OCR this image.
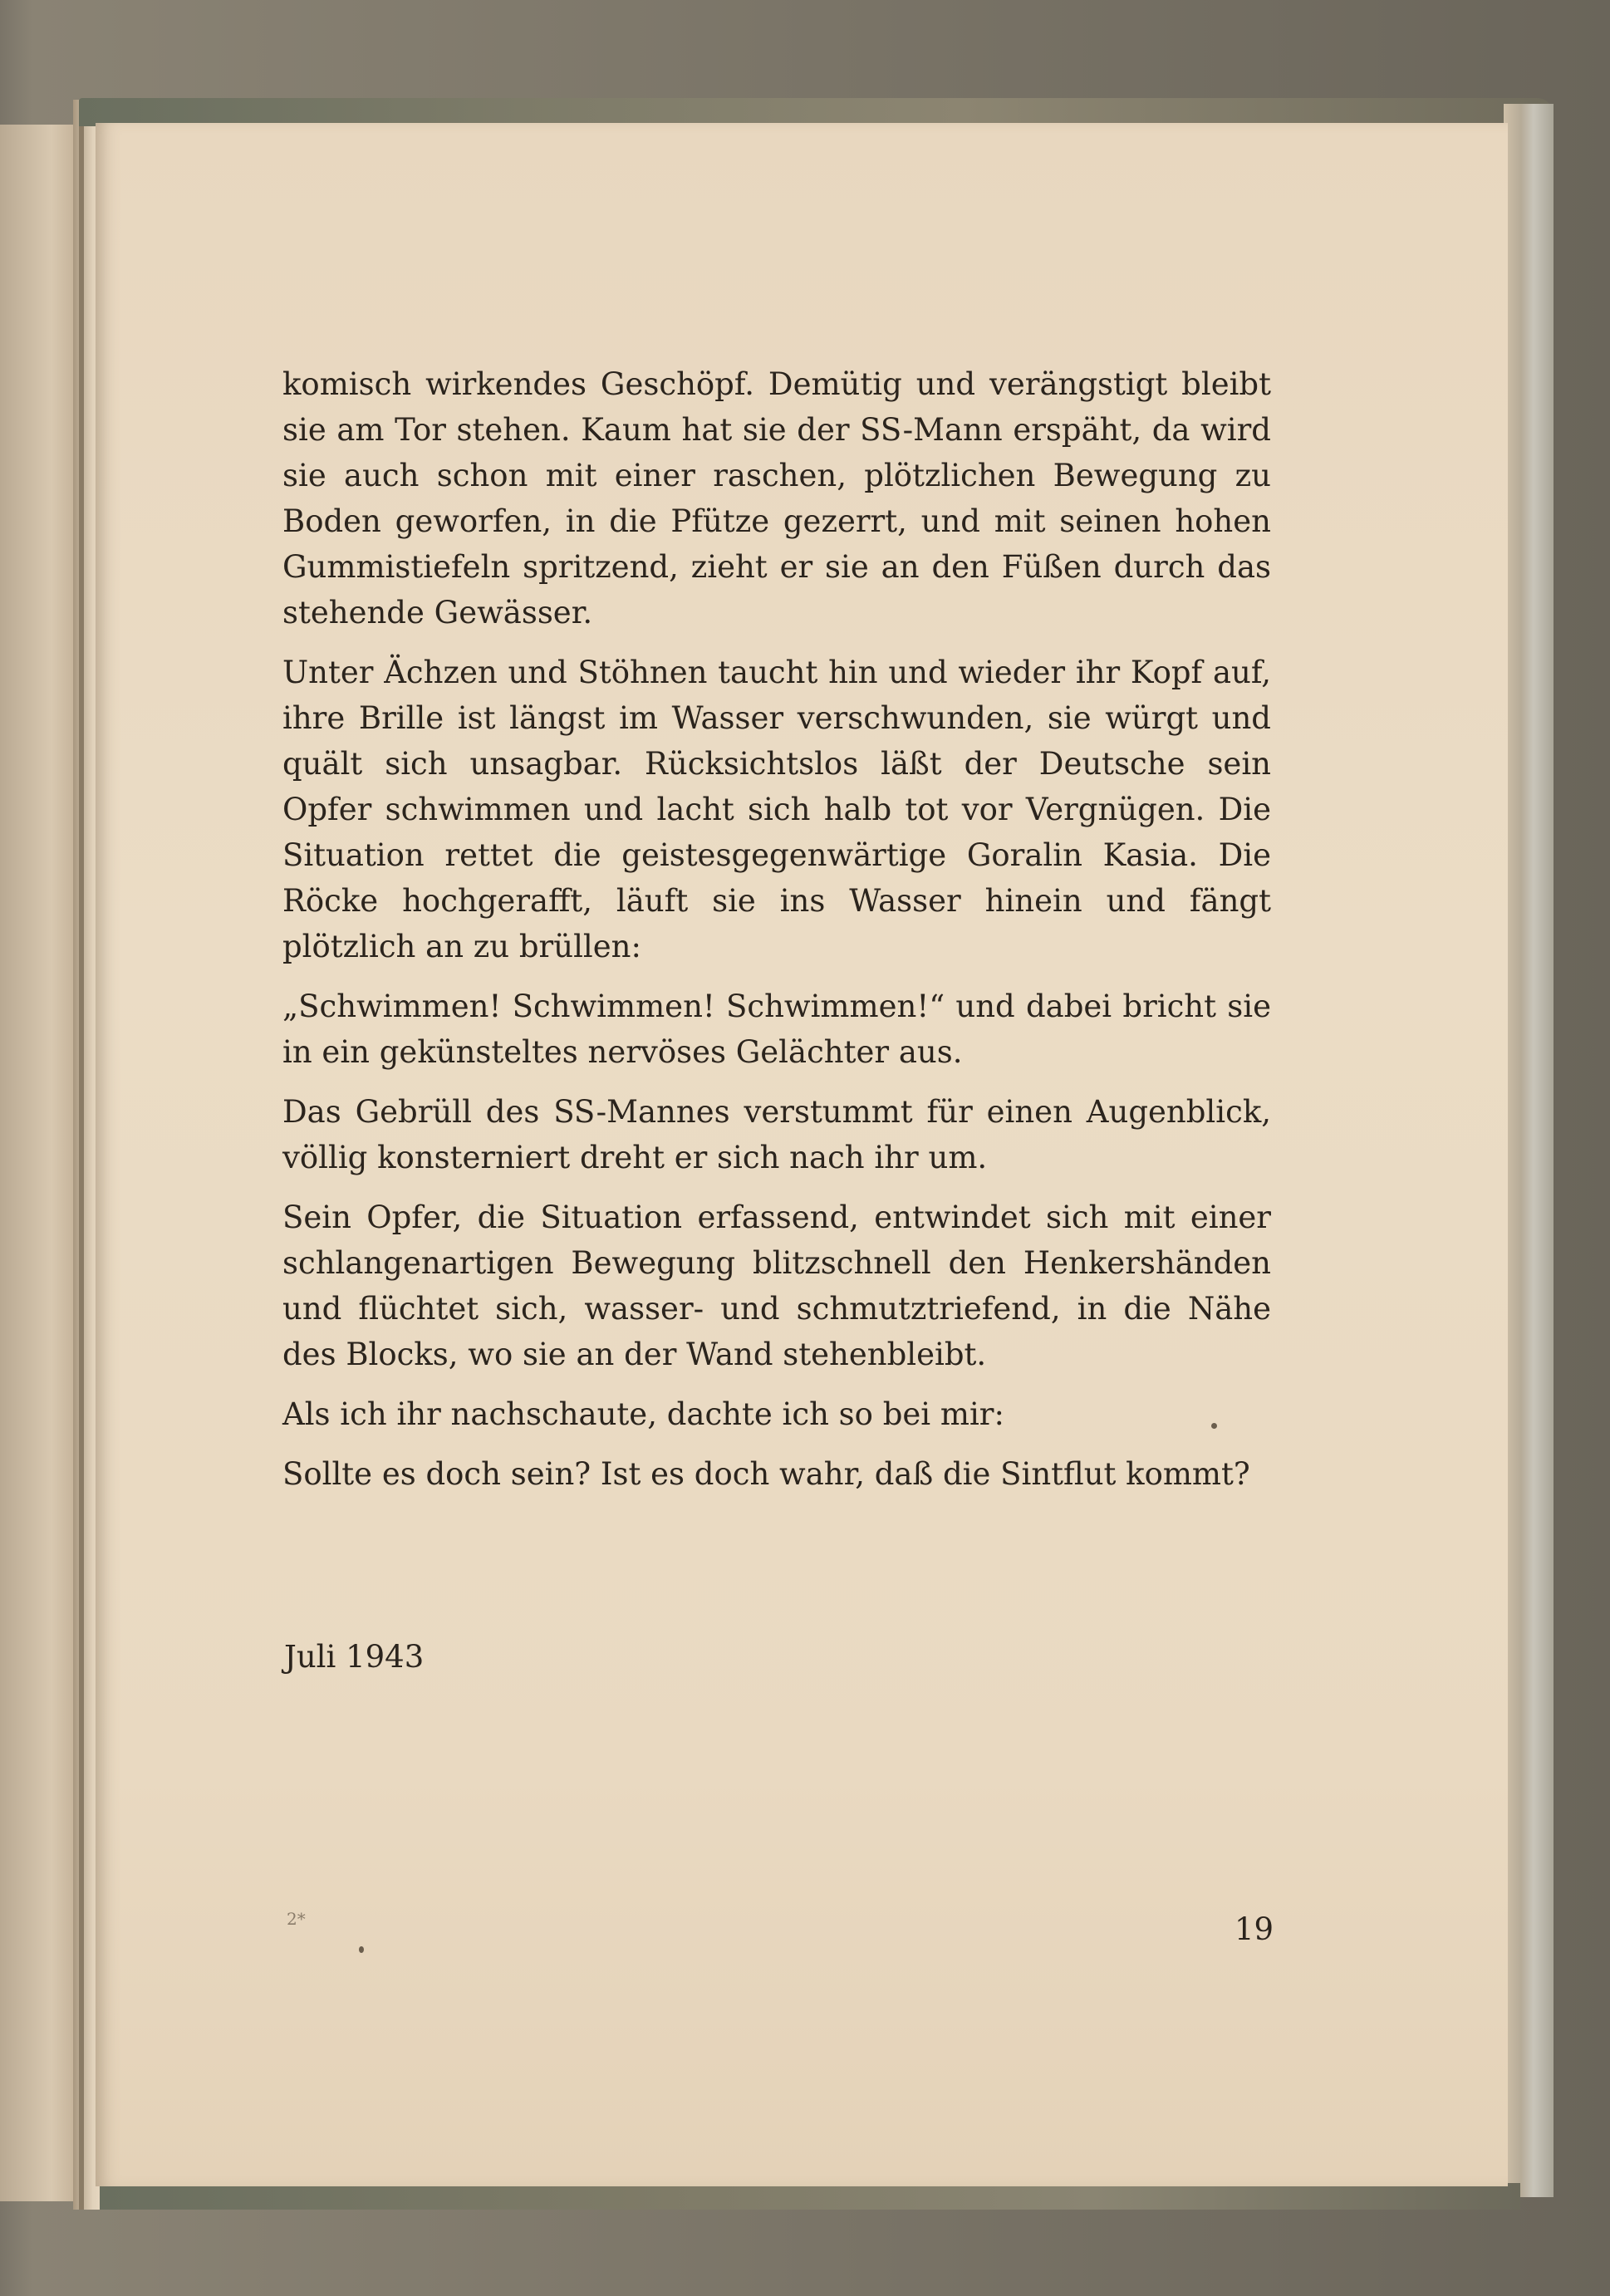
komisch wirkendes Geschöpf. Demütig und verängstigt bleibt sie am Tor stehen. Kaum hat sie der SS-Mann erspäht, da wird sie auch schon mit einer raschen, plötzlichen Bewegung zu Boden geworfen, in die Pfütze gezerrt, und mit seinen hohen Gummistiefeln spritzend, zieht er sie an den Füßen durch das stehende Gewässer.

Unter Ächzen und Stöhnen taucht hin und wieder ihr Kopf auf, ihre Brille ist längst im Wasser verschwunden, sie würgt und quält sich unsagbar. Rücksichtslos läßt der Deutsche sein Opfer schwimmen und lacht sich halb tot vor Vergnügen. Die Situation rettet die geistesgegenwärtige Goralin Kasia. Die Röcke hochgerafft, läuft sie ins Wasser hinein und fängt plötzlich an zu brüllen:

„Schwimmen! Schwimmen! Schwimmen!“ und dabei bricht sie in ein gekünsteltes nervöses Gelächter aus.

Das Gebrüll des SS-Mannes verstummt für einen Augenblick, völlig konsterniert dreht er sich nach ihr um.

Sein Opfer, die Situation erfassend, entwindet sich mit einer schlangenartigen Bewegung blitzschnell den Henkershänden und flüchtet sich, wasser- und schmutztriefend, in die Nähe des Blocks, wo sie an der Wand stehenbleibt.

Als ich ihr nachschaute, dachte ich so bei mir:

Sollte es doch sein? Ist es doch wahr, daß die Sintflut kommt?

Juli 1943

2*	19
